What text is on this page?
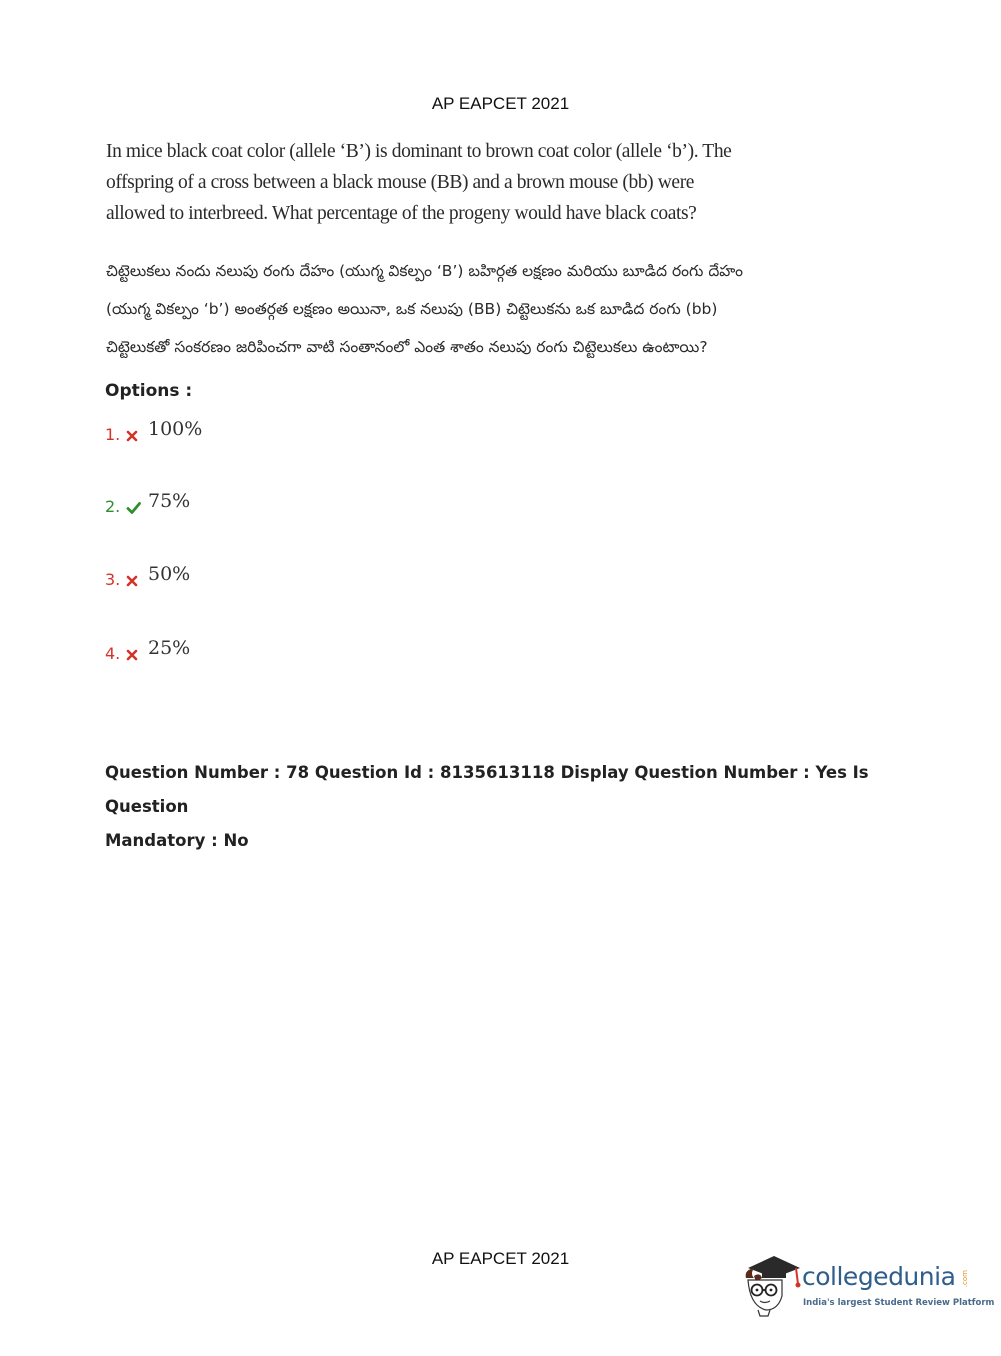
AP EAPCET 2021
In mice black coat color (allele ‘B’) is dominant to brown coat color (allele ‘b’). The offspring of a cross between a black mouse (BB) and a brown mouse (bb) were allowed to interbreed. What percentage of the progeny would have black coats?
చిట్టెలుకలు నందు నలుపు రంగు దేహం (యుగ్మ వికల్పం ‘B’) బహిర్గత లక్షణం మరియు బూడిద రంగు దేహం (యుగ్మ వికల్పం ‘b’) అంతర్గత లక్షణం అయినా, ఒక నలుపు (BB) చిట్టెలుకను ఒక బూడిద రంగు (bb) చిట్టెలుకతో సంకరణం జరిపించగా వాటి సంతానంలో ఎంత శాతం నలుపు రంగు చిట్టెలుకలు ఉంటాయి?
Options :
1. 100%
2. 75%
3. 50%
4. 25%
Question Number : 78 Question Id : 8135613118 Display Question Number : Yes Is Question
Mandatory : No
AP EAPCET 2021
collegedunia .com
India's largest Student Review Platform
